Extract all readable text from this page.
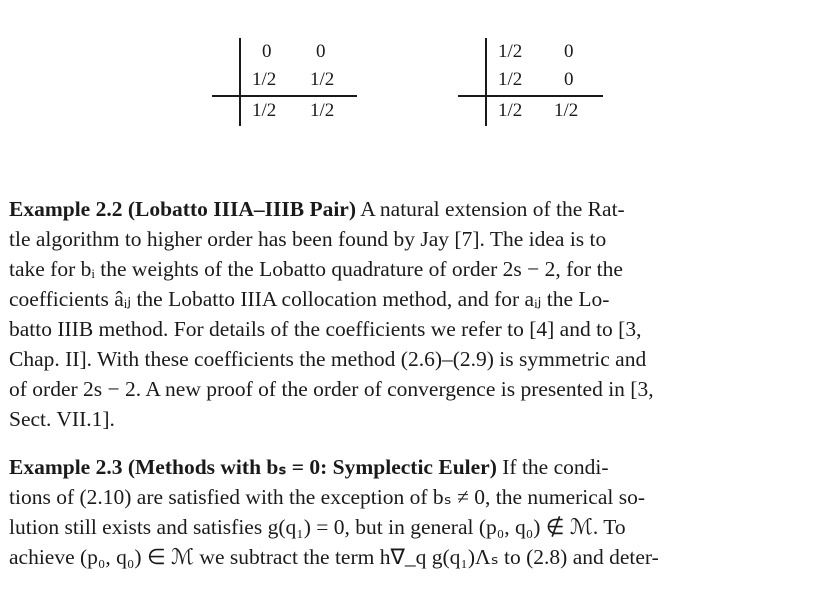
0 0
1/2 1/2
1/2 1/2
1/2 0
1/2 0
1/2 1/2
Example 2.2 (Lobatto IIIA–IIIB Pair) A natural extension of the Rat-
tle algorithm to higher order has been found by Jay [7]. The idea is to
take for bᵢ the weights of the Lobatto quadrature of order 2s − 2, for the
coefficients âᵢⱼ the Lobatto IIIA collocation method, and for aᵢⱼ the Lo-
batto IIIB method. For details of the coefficients we refer to [4] and to [3,
Chap. II]. With these coefficients the method (2.6)–(2.9) is symmetric and
of order 2s − 2. A new proof of the order of convergence is presented in [3,
Sect. VII.1].
Example 2.3 (Methods with bₛ = 0: Symplectic Euler) If the condi-
tions of (2.10) are satisfied with the exception of bₛ ≠ 0, the numerical so-
lution still exists and satisfies g(q₁) = 0, but in general (p₀, q₀) ∉ ℳ. To
achieve (p₀, q₀) ∈ ℳ we subtract the term h∇_q g(q₁)Λₛ to (2.8) and deter-
